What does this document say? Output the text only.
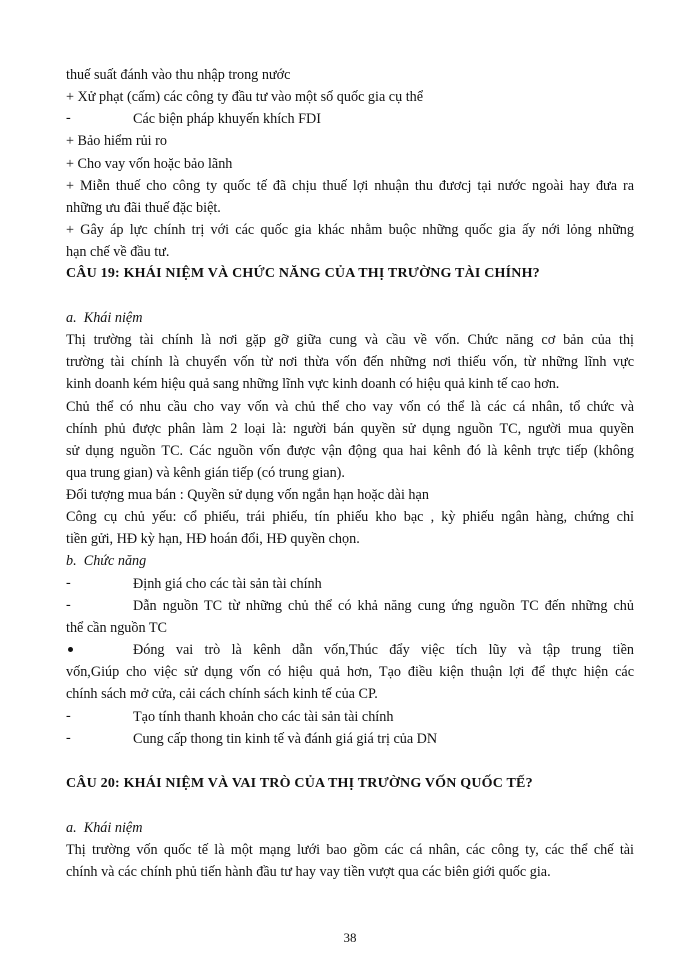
thuế suất đánh vào thu nhập trong nước
+ Xử phạt (cấm) các công ty đầu tư vào một số quốc gia cụ thể
-	Các biện pháp khuyến khích FDI
+ Bảo hiểm rủi ro
+ Cho vay vốn hoặc bảo lãnh
+ Miễn thuế cho công ty quốc tế đã chịu thuế lợi nhuận thu đươcj tại nước ngoài hay đưa ra
những ưu đãi thuế đặc biệt.
+ Gây áp lực chính trị với các quốc gia khác nhằm buộc những quốc gia ấy nới lỏng những
hạn chế về đầu tư.
CÂU 19: KHÁI NIỆM VÀ CHỨC NĂNG CỦA THỊ TRƯỜNG TÀI CHÍNH?
a. Khái niệm
Thị trường tài chính là nơi gặp gỡ giữa cung và cầu về vốn. Chức năng cơ bản của thị
trường tài chính là chuyển vốn từ nơi thừa vốn đến những nơi thiếu vốn, từ những lĩnh vực
kinh doanh kém hiệu quả sang những lĩnh vực kinh doanh có hiệu quả kinh tế cao hơn.
Chủ thể có nhu cầu cho vay vốn và chủ thể cho vay vốn có thể là các cá nhân, tổ chức và
chính phủ được phân làm 2 loại là: người bán quyền sử dụng nguồn TC, người mua quyền
sử dụng nguồn TC. Các nguồn vốn được vận động qua hai kênh đó là kênh trực tiếp (không
qua trung gian) và kênh gián tiếp (có trung gian).
Đối tượng mua bán : Quyền sử dụng vốn ngắn hạn hoặc dài hạn
Công cụ chủ yếu: cổ phiếu, trái phiếu, tín phiếu kho bạc , kỳ phiếu ngân hàng, chứng chỉ
tiền gửi, HĐ kỳ hạn, HĐ hoán đổi, HĐ quyền chọn.
b. Chức năng
-	Định giá cho các tài sản tài chính
-	Dẫn nguồn TC từ những chủ thể có khả năng cung ứng nguồn TC đến những chủ
thể cần nguồn TC
Đóng vai trò là kênh dẫn vốn,Thúc đẩy việc tích lũy và tập trung tiền
vốn,Giúp cho việc sử dụng vốn có hiệu quả hơn, Tạo điều kiện thuận lợi để thực hiện các
chính sách mở cửa, cải cách chính sách kinh tế của CP.
-	Tạo tính thanh khoản cho các tài sản tài chính
-	Cung cấp thong tin kinh tế và đánh giá giá trị của DN
CÂU 20: KHÁI NIỆM VÀ VAI TRÒ CỦA THỊ TRƯỜNG VỐN QUỐC TẾ?
a. Khái niệm
Thị trường vốn quốc tế là một mạng lưới bao gồm các cá nhân, các công ty, các thể chế tài
chính và các chính phủ tiến hành đầu tư hay vay tiền vượt qua các biên giới quốc gia.
38
